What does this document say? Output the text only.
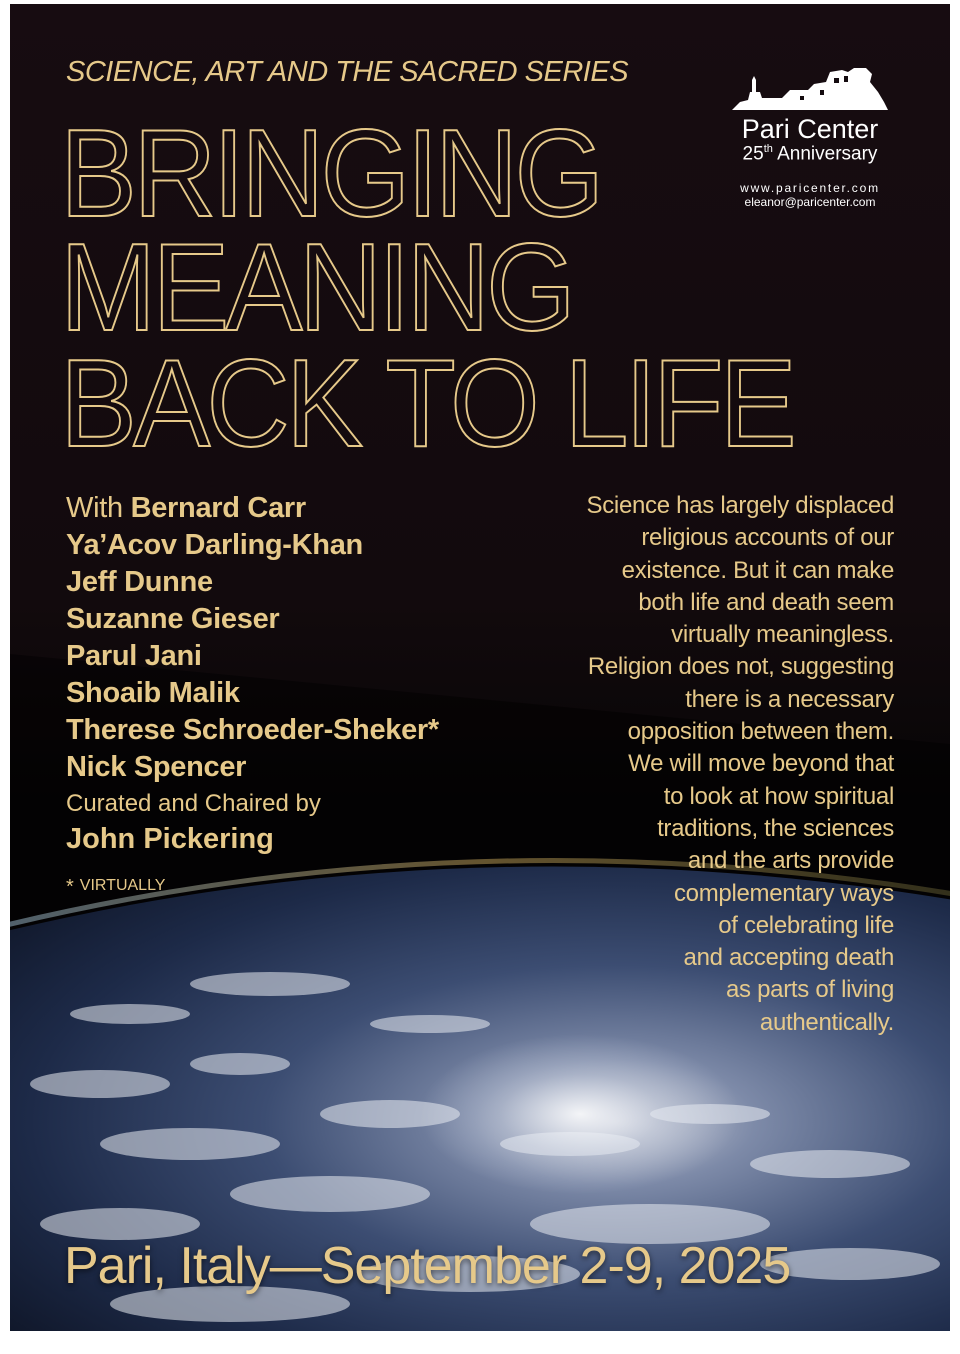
SCIENCE, ART AND THE SACRED SERIES
BRINGING
MEANING
BACK TO LIFE
Pari Center
25th Anniversary
www.paricenter.com
eleanor@paricenter.com
With Bernard Carr
Ya’Acov Darling-Khan
Jeff Dunne
Suzanne Gieser
Parul Jani
Shoaib Malik
Therese Schroeder-Sheker*
Nick Spencer
Curated and Chaired by
John Pickering
* VIRTUALLY
Science has largely displaced
religious accounts of our
existence. But it can make
both life and death seem
virtually meaningless.
Religion does not, suggesting
there is a necessary
opposition between them.
We will move beyond that
to look at how spiritual
traditions, the sciences
and the arts provide
complementary ways
of celebrating life
and accepting death
as parts of living
authentically.
Pari, Italy—September 2-9, 2025
